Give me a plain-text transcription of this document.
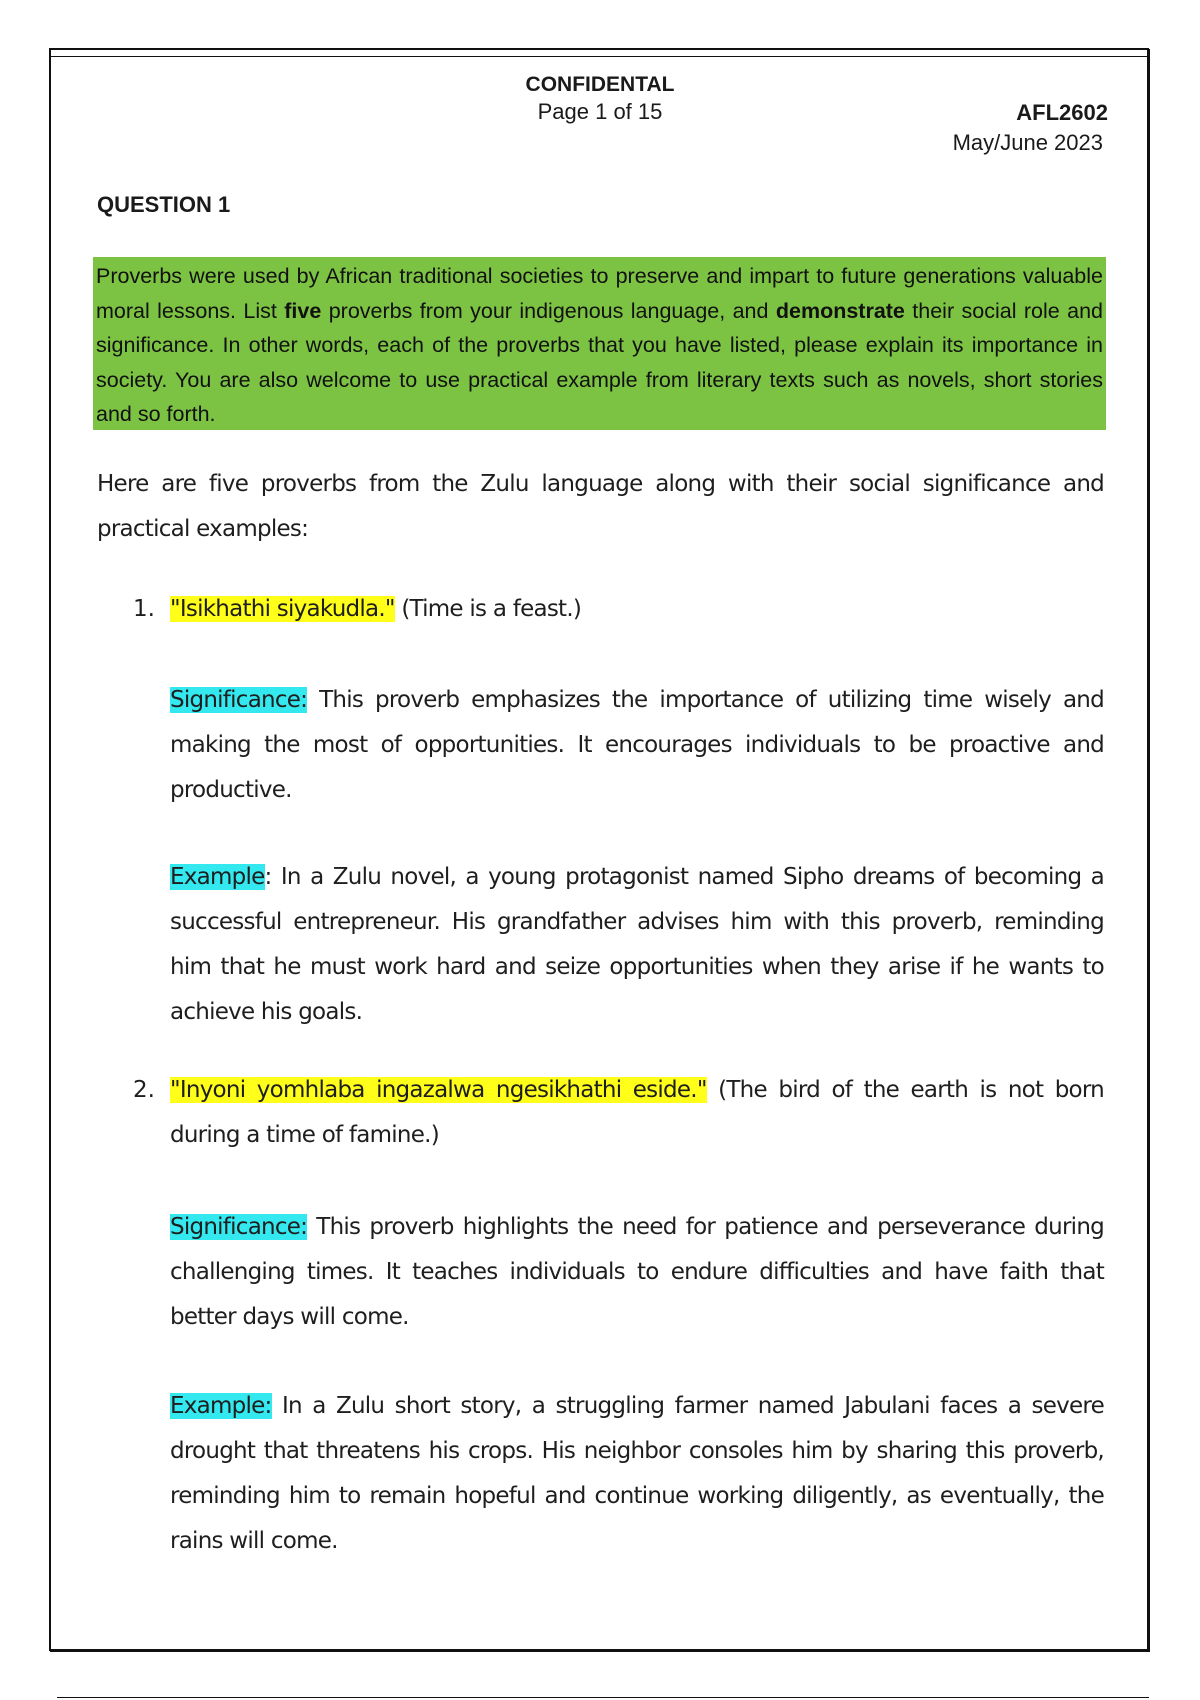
CONFIDENTAL
Page 1 of 15	AFL2602
May/June 2023
QUESTION 1
Proverbs were used by African traditional societies to preserve and impart to future generations valuable moral lessons. List five proverbs from your indigenous language, and demonstrate their social role and significance. In other words, each of the proverbs that you have listed, please explain its importance in society. You are also welcome to use practical example from literary texts such as novels, short stories and so forth.
Here are five proverbs from the Zulu language along with their social significance and practical examples:
1. "Isikhathi siyakudla." (Time is a feast.)
Significance: This proverb emphasizes the importance of utilizing time wisely and making the most of opportunities. It encourages individuals to be proactive and productive.
Example: In a Zulu novel, a young protagonist named Sipho dreams of becoming a successful entrepreneur. His grandfather advises him with this proverb, reminding him that he must work hard and seize opportunities when they arise if he wants to achieve his goals.
2. "Inyoni yomhlaba ingazalwa ngesikhathi eside." (The bird of the earth is not born during a time of famine.)
Significance: This proverb highlights the need for patience and perseverance during challenging times. It teaches individuals to endure difficulties and have faith that better days will come.
Example: In a Zulu short story, a struggling farmer named Jabulani faces a severe drought that threatens his crops. His neighbor consoles him by sharing this proverb, reminding him to remain hopeful and continue working diligently, as eventually, the rains will come.
